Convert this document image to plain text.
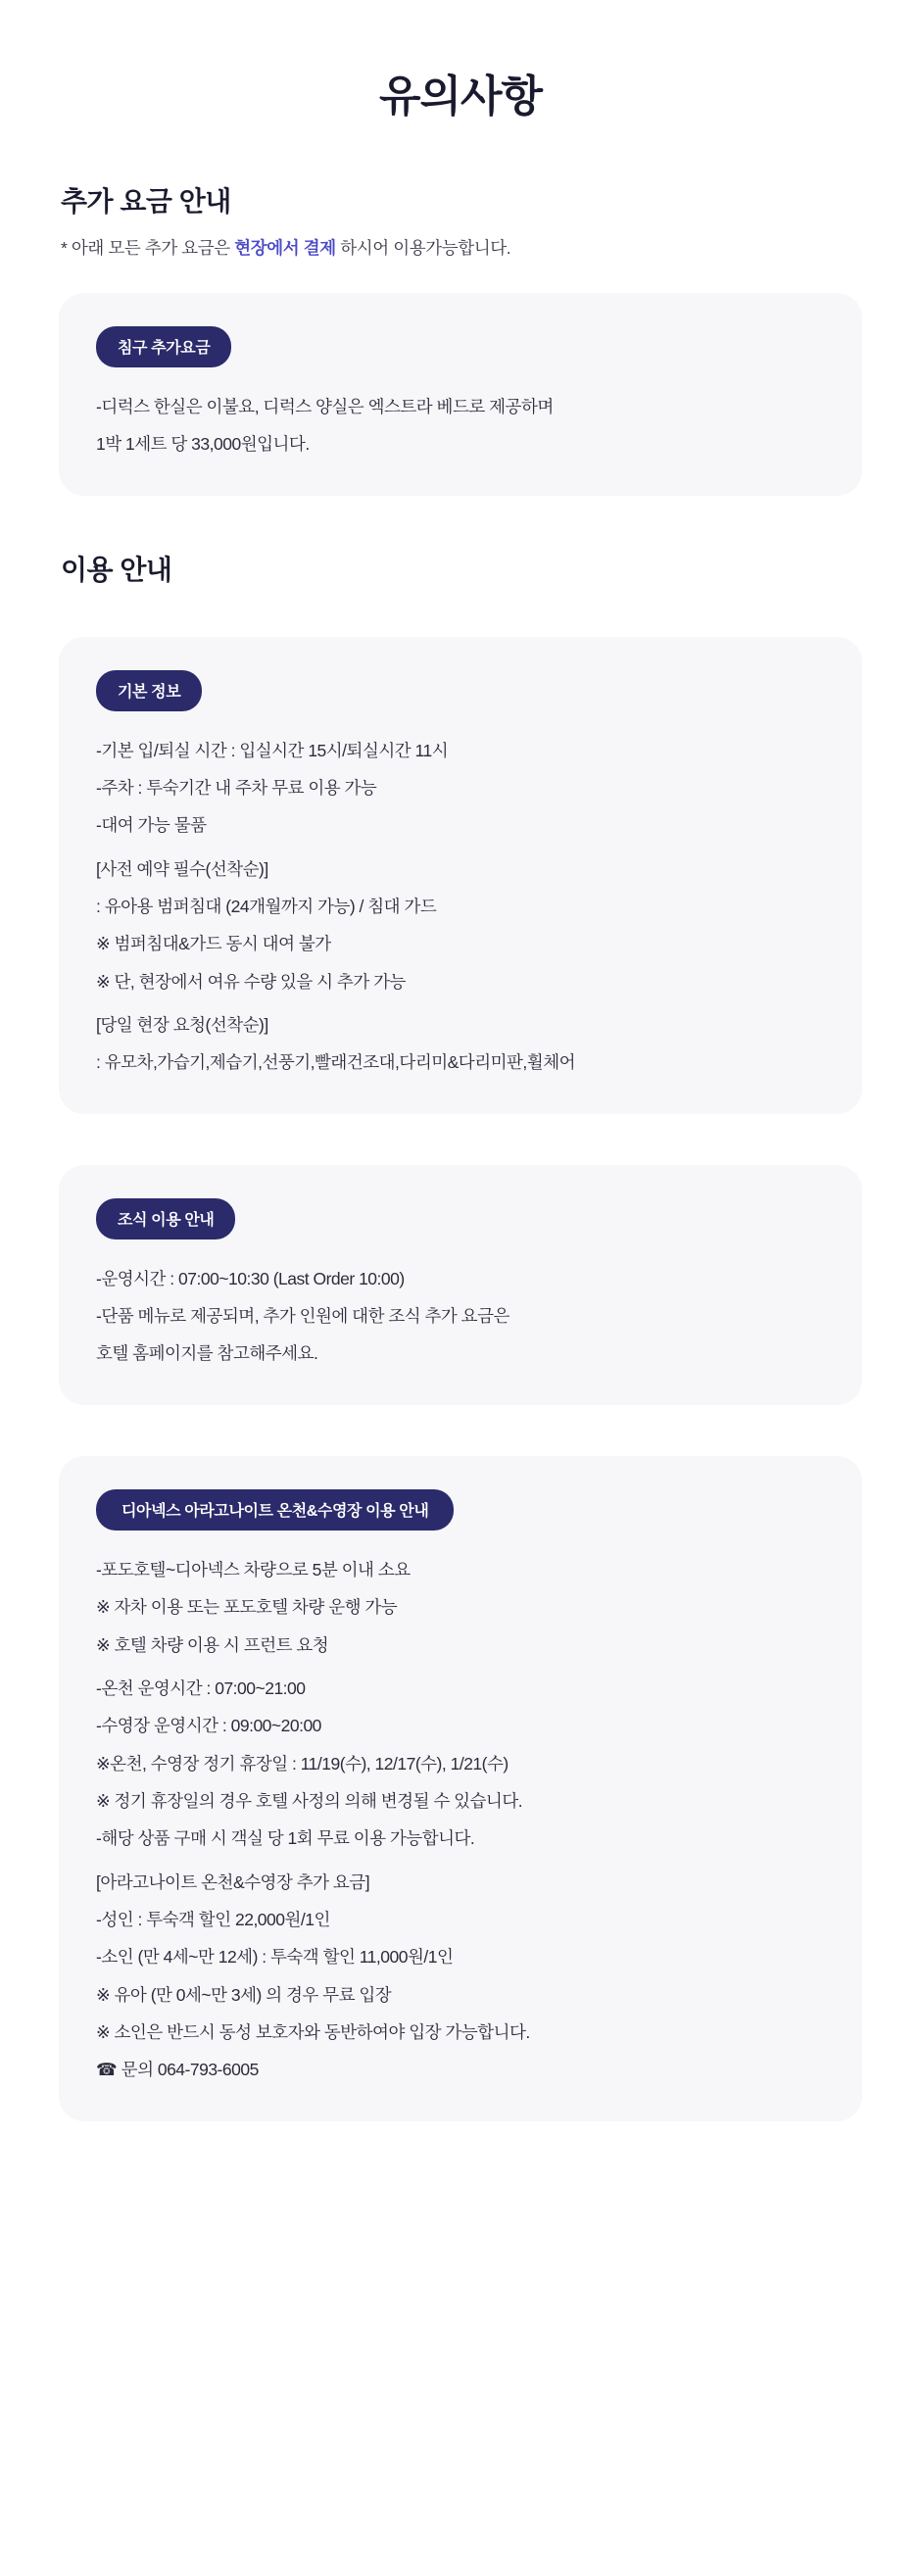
유의사항
추가 요금 안내

* 아래 모든 추가 요금은 현장에서 결제 하시어 이용가능합니다.

침구 추가요금

-디럭스 한실은 이불요, 디럭스 양실은 엑스트라 베드로 제공하며

1박 1세트 당 33,000원입니다.

이용 안내
기본 정보

-기본 입/퇴실 시간 : 입실시간 15시/퇴실시간 11시

-주차 : 투숙기간 내 주차 무료 이용 가능

-대여 가능 물품

[사전 예약 필수(선착순)]

: 유아용 범퍼침대 (24개월까지 가능) / 침대 가드

※ 범퍼침대&가드 동시 대여 불가

※ 단, 현장에서 여유 수량 있을 시 추가 가능

[당일 현장 요청(선착순)]

: 유모차,가습기,제습기,선풍기,빨래건조대,다리미&다리미판,휠체어

조식 이용 안내

-운영시간 : 07:00~10:30 (Last Order 10:00)

-단품 메뉴로 제공되며, 추가 인원에 대한 조식 추가 요금은

호텔 홈페이지를 참고해주세요.

디아넥스 아라고나이트 온천&수영장 이용 안내

-포도호텔~디아넥스 차량으로 5분 이내 소요

※ 자차 이용 또는 포도호텔 차량 운행 가능

※ 호텔 차량 이용 시 프런트 요청

-온천 운영시간 : 07:00~21:00

-수영장 운영시간 : 09:00~20:00

※온천, 수영장 정기 휴장일 : 11/19(수), 12/17(수), 1/21(수)

※ 정기 휴장일의 경우 호텔 사정의 의해 변경될 수 있습니다.

-해당 상품 구매 시 객실 당 1회 무료 이용 가능합니다.

[아라고나이트 온천&수영장 추가 요금]

-성인 : 투숙객 할인 22,000원/1인

-소인 (만 4세~만 12세) : 투숙객 할인 11,000원/1인

※ 유아 (만 0세~만 3세) 의 경우 무료 입장

※ 소인은 반드시 동성 보호자와 동반하여야 입장 가능합니다.

☎ 문의 064-793-6005
